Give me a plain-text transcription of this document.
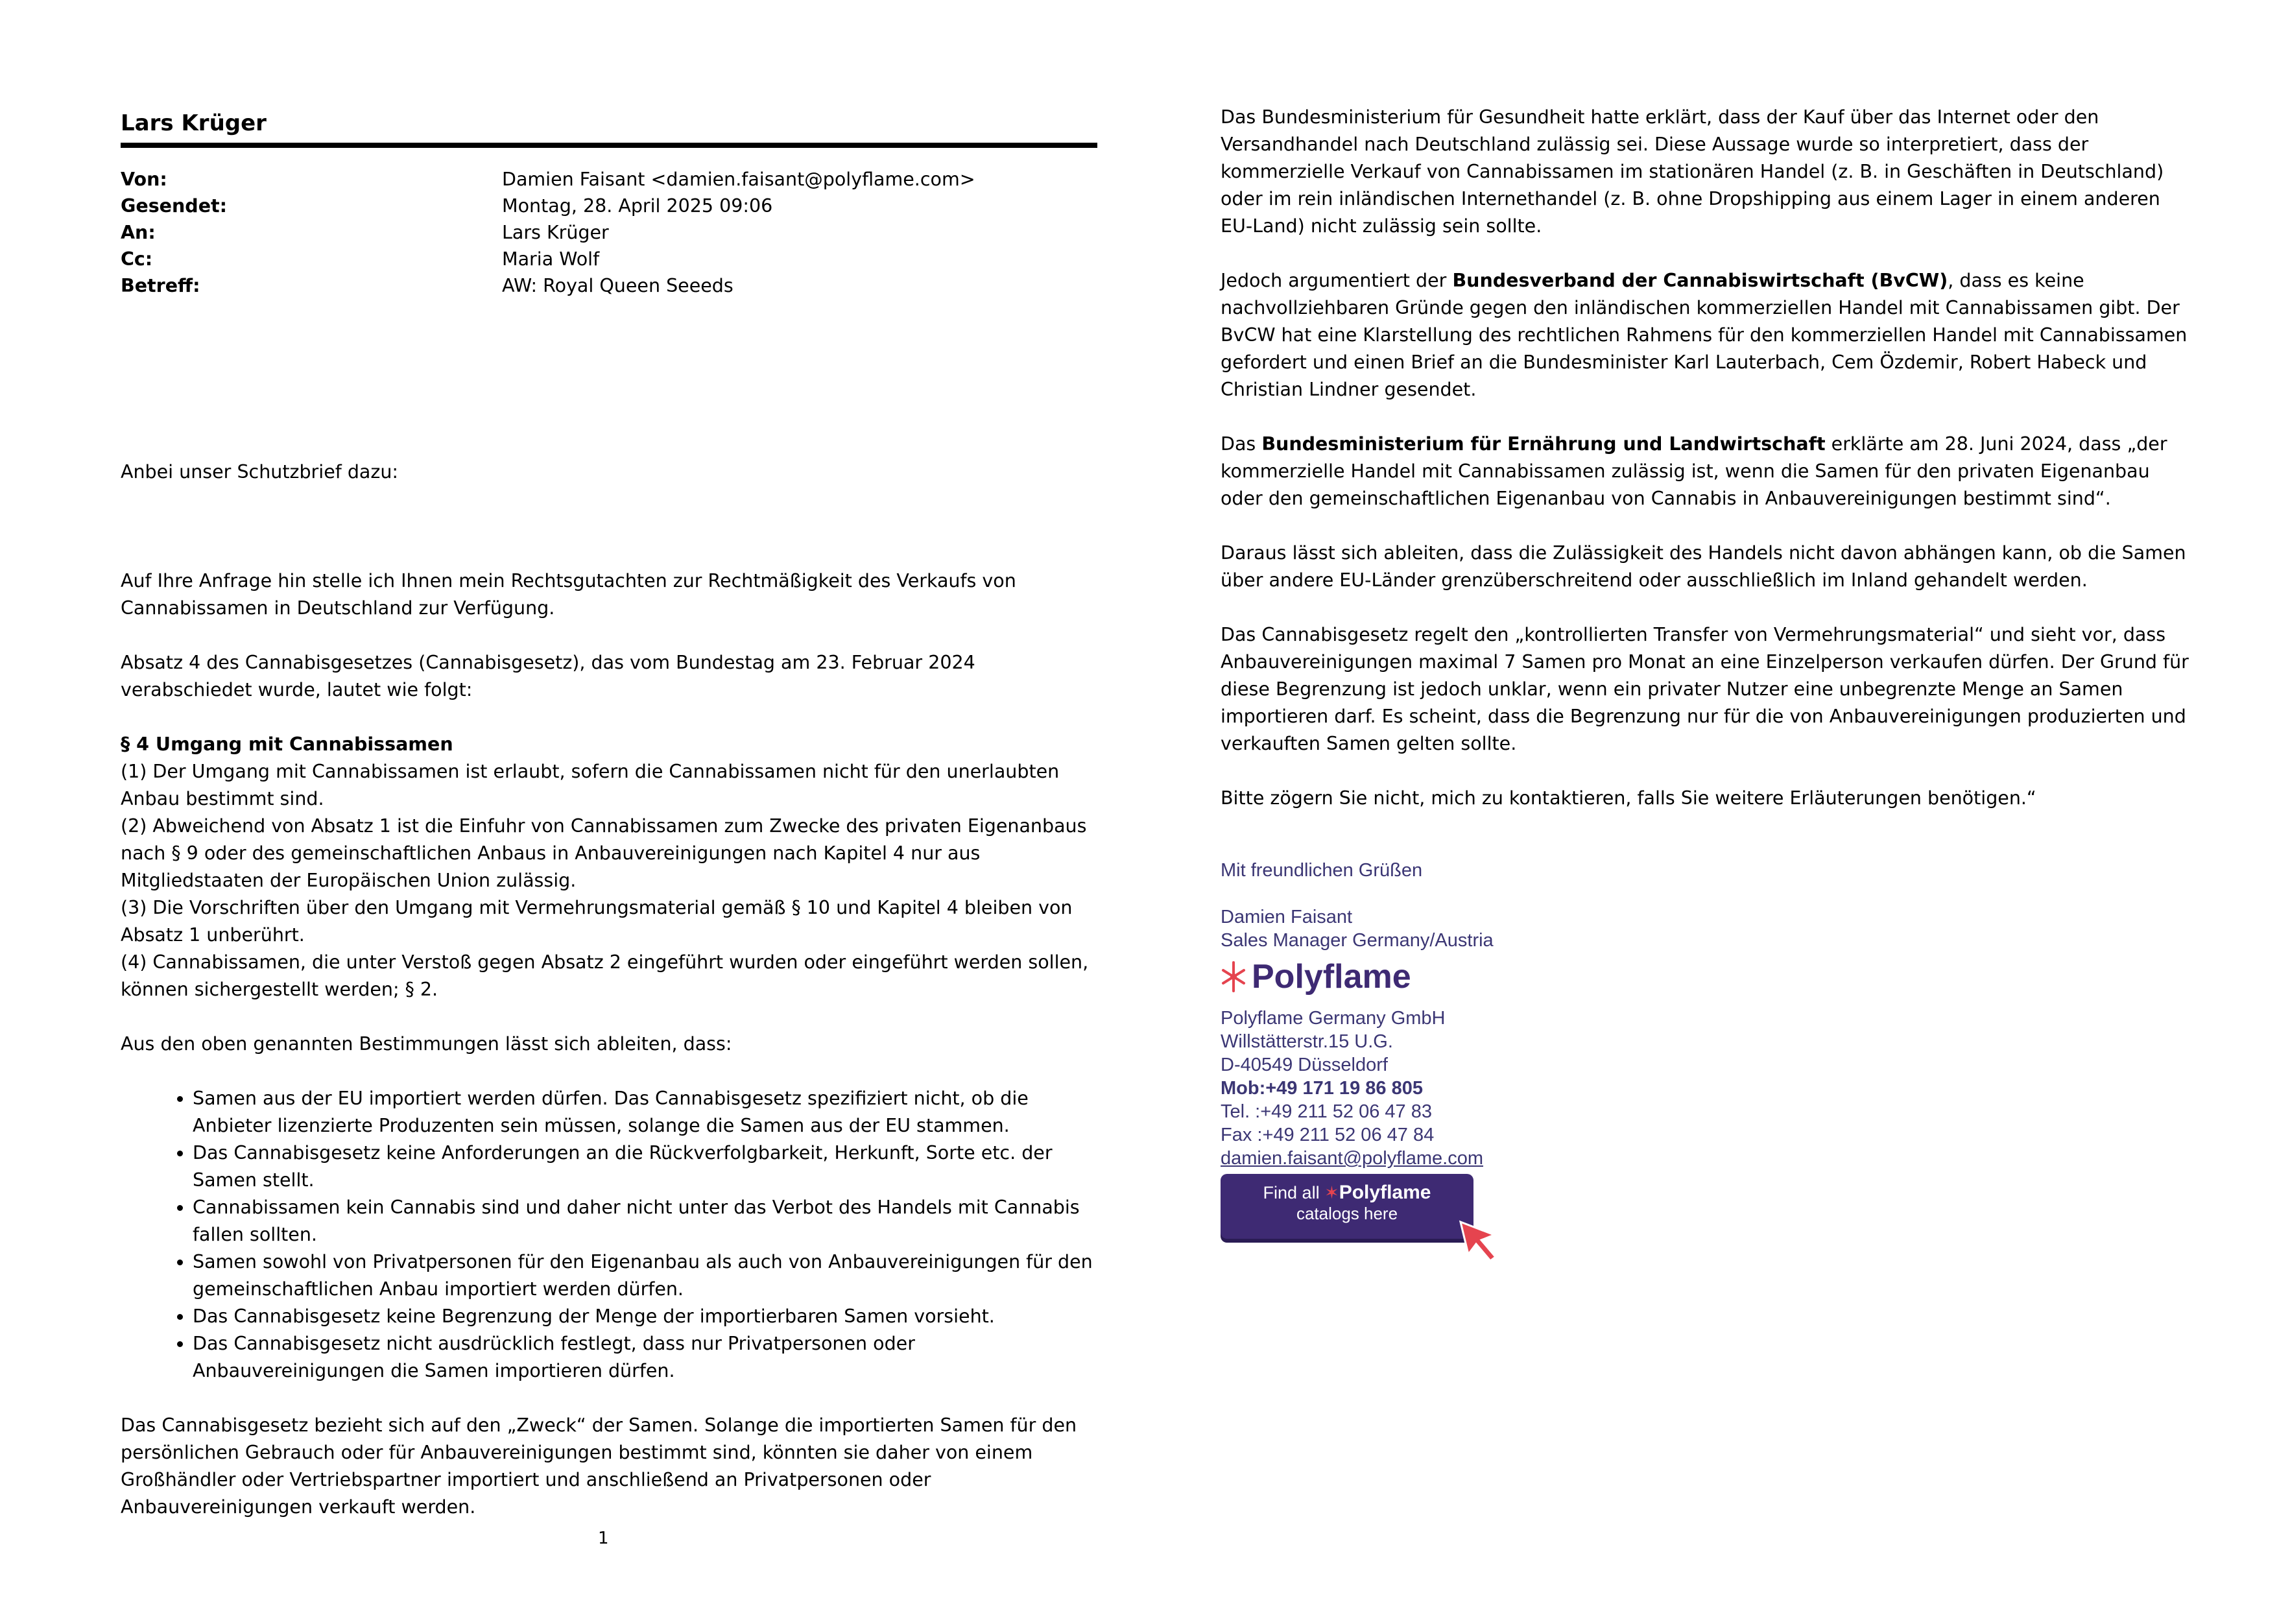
Lars Krüger
Von:	Damien Faisant <damien.faisant@polyflame.com>
Gesendet:	Montag, 28. April 2025 09:06
An:	Lars Krüger
Cc:	Maria Wolf
Betreff:	AW: Royal Queen Seeeds

Anbei unser Schutzbrief dazu:

Auf Ihre Anfrage hin stelle ich Ihnen mein Rechtsgutachten zur Rechtmäßigkeit des Verkaufs von Cannabissamen in Deutschland zur Verfügung.

Absatz 4 des Cannabisgesetzes (Cannabisgesetz), das vom Bundestag am 23. Februar 2024 verabschiedet wurde, lautet wie folgt:

§ 4 Umgang mit Cannabissamen

(1) Der Umgang mit Cannabissamen ist erlaubt, sofern die Cannabissamen nicht für den unerlaubten Anbau bestimmt sind.

(2) Abweichend von Absatz 1 ist die Einfuhr von Cannabissamen zum Zwecke des privaten Eigenanbaus nach § 9 oder des gemeinschaftlichen Anbaus in Anbauvereinigungen nach Kapitel 4 nur aus Mitgliedstaaten der Europäischen Union zulässig.

(3) Die Vorschriften über den Umgang mit Vermehrungsmaterial gemäß § 10 und Kapitel 4 bleiben von Absatz 1 unberührt.

(4) Cannabissamen, die unter Verstoß gegen Absatz 2 eingeführt wurden oder eingeführt werden sollen, können sichergestellt werden; § 2.

Aus den oben genannten Bestimmungen lässt sich ableiten, dass:

• Samen aus der EU importiert werden dürfen. Das Cannabisgesetz spezifiziert nicht, ob die Anbieter lizenzierte Produzenten sein müssen, solange die Samen aus der EU stammen.
• Das Cannabisgesetz keine Anforderungen an die Rückverfolgbarkeit, Herkunft, Sorte etc. der Samen stellt.
• Cannabissamen kein Cannabis sind und daher nicht unter das Verbot des Handels mit Cannabis fallen sollten.
• Samen sowohl von Privatpersonen für den Eigenanbau als auch von Anbauvereinigungen für den gemeinschaftlichen Anbau importiert werden dürfen.
• Das Cannabisgesetz keine Begrenzung der Menge der importierbaren Samen vorsieht.
• Das Cannabisgesetz nicht ausdrücklich festlegt, dass nur Privatpersonen oder Anbauvereinigungen die Samen importieren dürfen.

Das Cannabisgesetz bezieht sich auf den „Zweck“ der Samen. Solange die importierten Samen für den persönlichen Gebrauch oder für Anbauvereinigungen bestimmt sind, könnten sie daher von einem Großhändler oder Vertriebspartner importiert und anschließend an Privatpersonen oder Anbauvereinigungen verkauft werden.

1

Das Bundesministerium für Gesundheit hatte erklärt, dass der Kauf über das Internet oder den Versandhandel nach Deutschland zulässig sei. Diese Aussage wurde so interpretiert, dass der kommerzielle Verkauf von Cannabissamen im stationären Handel (z. B. in Geschäften in Deutschland) oder im rein inländischen Internethandel (z. B. ohne Dropshipping aus einem Lager in einem anderen EU-Land) nicht zulässig sein sollte.

Jedoch argumentiert der Bundesverband der Cannabiswirtschaft (BvCW), dass es keine nachvollziehbaren Gründe gegen den inländischen kommerziellen Handel mit Cannabissamen gibt. Der BvCW hat eine Klarstellung des rechtlichen Rahmens für den kommerziellen Handel mit Cannabissamen gefordert und einen Brief an die Bundesminister Karl Lauterbach, Cem Özdemir, Robert Habeck und Christian Lindner gesendet.

Das Bundesministerium für Ernährung und Landwirtschaft erklärte am 28. Juni 2024, dass „der kommerzielle Handel mit Cannabissamen zulässig ist, wenn die Samen für den privaten Eigenanbau oder den gemeinschaftlichen Eigenanbau von Cannabis in Anbauvereinigungen bestimmt sind“.

Daraus lässt sich ableiten, dass die Zulässigkeit des Handels nicht davon abhängen kann, ob die Samen über andere EU-Länder grenzüberschreitend oder ausschließlich im Inland gehandelt werden.

Das Cannabisgesetz regelt den „kontrollierten Transfer von Vermehrungsmaterial“ und sieht vor, dass Anbauvereinigungen maximal 7 Samen pro Monat an eine Einzelperson verkaufen dürfen. Der Grund für diese Begrenzung ist jedoch unklar, wenn ein privater Nutzer eine unbegrenzte Menge an Samen importieren darf. Es scheint, dass die Begrenzung nur für die von Anbauvereinigungen produzierten und verkauften Samen gelten sollte.

Bitte zögern Sie nicht, mich zu kontaktieren, falls Sie weitere Erläuterungen benötigen.“

Mit freundlichen Grüßen
Damien Faisant
Sales Manager Germany/Austria
Polyflame
Polyflame Germany GmbH
Willstätterstr.15 U.G.
D-40549 Düsseldorf
Mob:+49 171 19 86 805
Tel. :+49 211 52 06 47 83
Fax :+49 211 52 06 47 84
damien.faisant@polyflame.com
Find all ✶Polyflame
catalogs here
